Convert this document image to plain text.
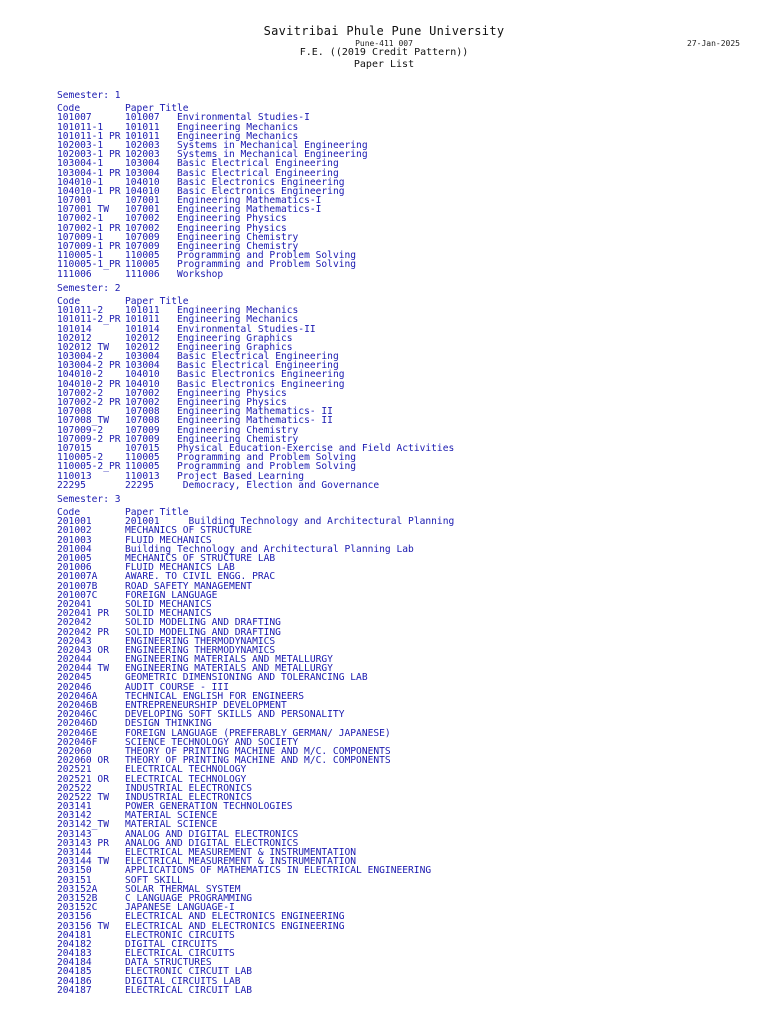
Savitribai Phule Pune University
Pune-411 007	27-Jan-2025
F.E. ((2019 Credit Pattern))
Paper List
Semester: 1
Code	Paper Title
101007	101007	Environmental Studies-I
101011-1	101011	Engineering Mechanics
101011-1_PR 101011	Engineering Mechanics
102003-1	102003	Systems in Mechanical Engineering
102003-1_PR 102003	Systems in Mechanical Engineering
103004-1	103004	Basic Electrical Engineering
103004-1_PR 103004	Basic Electrical Engineering
104010-1	104010	Basic Electronics Engineering
104010-1_PR 104010	Basic Electronics Engineering
107001	107001	Engineering Mathematics-I
107001_TW	107001	Engineering Mathematics-I
107002-1	107002	Engineering Physics
107002-1_PR 107002	Engineering Physics
107009-1	107009	Engineering Chemistry
107009-1_PR 107009	Engineering Chemistry
110005-1	110005	Programming and Problem Solving
110005-1_PR 110005	Programming and Problem Solving
111006	111006	Workshop
Semester: 2
Code	Paper Title
101011-2	101011	Engineering Mechanics
101011-2_PR 101011	Engineering Mechanics
101014	101014	Environmental Studies-II
102012	102012	Engineering Graphics
102012_TW	102012	Engineering Graphics
103004-2	103004	Basic Electrical Engineering
103004-2_PR 103004	Basic Electrical Engineering
104010-2	104010	Basic Electronics Engineering
104010-2_PR 104010	Basic Electronics Engineering
107002-2	107002	Engineering Physics
107002-2_PR 107002	Engineering Physics
107008	107008	Engineering Mathematics- II
107008_TW	107008	Engineering Mathematics- II
107009-2	107009	Engineering Chemistry
107009-2_PR 107009	Engineering Chemistry
107015	107015	Physical Education-Exercise and Field Activities
110005-2	110005	Programming and Problem Solving
110005-2_PR 110005	Programming and Problem Solving
110013	110013	Project Based Learning
22295	22295	Democracy, Election and Governance
Semester: 3
Code	Paper Title
201001	201001	Building Technology and Architectural Planning
201002	MECHANICS OF STRUCTURE
201003	FLUID MECHANICS
201004	Building Technology and Architectural Planning Lab
201005	MECHANICS OF STRUCTURE LAB
201006	FLUID MECHANICS LAB
201007A	AWARE. TO CIVIL ENGG. PRAC
201007B	ROAD SAFETY MANAGEMENT
201007C	FOREIGN LANGUAGE
202041	SOLID MECHANICS
202041_PR	SOLID MECHANICS
202042	SOLID MODELING AND DRAFTING
202042_PR	SOLID MODELING AND DRAFTING
202043	ENGINEERING THERMODYNAMICS
202043_OR	ENGINEERING THERMODYNAMICS
202044	ENGINEERING MATERIALS AND METALLURGY
202044_TW	ENGINEERING MATERIALS AND METALLURGY
202045	GEOMETRIC DIMENSIONING AND TOLERANCING LAB
202046	AUDIT COURSE - III
202046A	TECHNICAL ENGLISH FOR ENGINEERS
202046B	ENTREPRENEURSHIP DEVELOPMENT
202046C	DEVELOPING SOFT SKILLS AND PERSONALITY
202046D	DESIGN THINKING
202046E	FOREIGN LANGUAGE (PREFERABLY GERMAN/ JAPANESE)
202046F	SCIENCE TECHNOLOGY AND SOCIETY
202060	THEORY OF PRINTING MACHINE AND M/C. COMPONENTS
202060_OR	THEORY OF PRINTING MACHINE AND M/C. COMPONENTS
202521	ELECTRICAL TECHNOLOGY
202521_OR	ELECTRICAL TECHNOLOGY
202522	INDUSTRIAL ELECTRONICS
202522_TW	INDUSTRIAL ELECTRONICS
203141	POWER GENERATION TECHNOLOGIES
203142	MATERIAL SCIENCE
203142_TW	MATERIAL SCIENCE
203143	ANALOG AND DIGITAL ELECTRONICS
203143_PR	ANALOG AND DIGITAL ELECTRONICS
203144	ELECTRICAL MEASUREMENT & INSTRUMENTATION
203144_TW	ELECTRICAL MEASUREMENT & INSTRUMENTATION
203150	APPLICATIONS OF MATHEMATICS IN ELECTRICAL ENGINEERING
203151	SOFT SKILL
203152A	SOLAR THERMAL SYSTEM
203152B	C LANGUAGE PROGRAMMING
203152C	JAPANESE LANGUAGE-I
203156	ELECTRICAL AND ELECTRONICS ENGINEERING
203156_TW	ELECTRICAL AND ELECTRONICS ENGINEERING
204181	ELECTRONIC CIRCUITS
204182	DIGITAL CIRCUITS
204183	ELECTRICAL CIRCUITS
204184	DATA STRUCTURES
204185	ELECTRONIC CIRCUIT LAB
204186	DIGITAL CIRCUITS LAB
204187	ELECTRICAL CIRCUIT LAB
